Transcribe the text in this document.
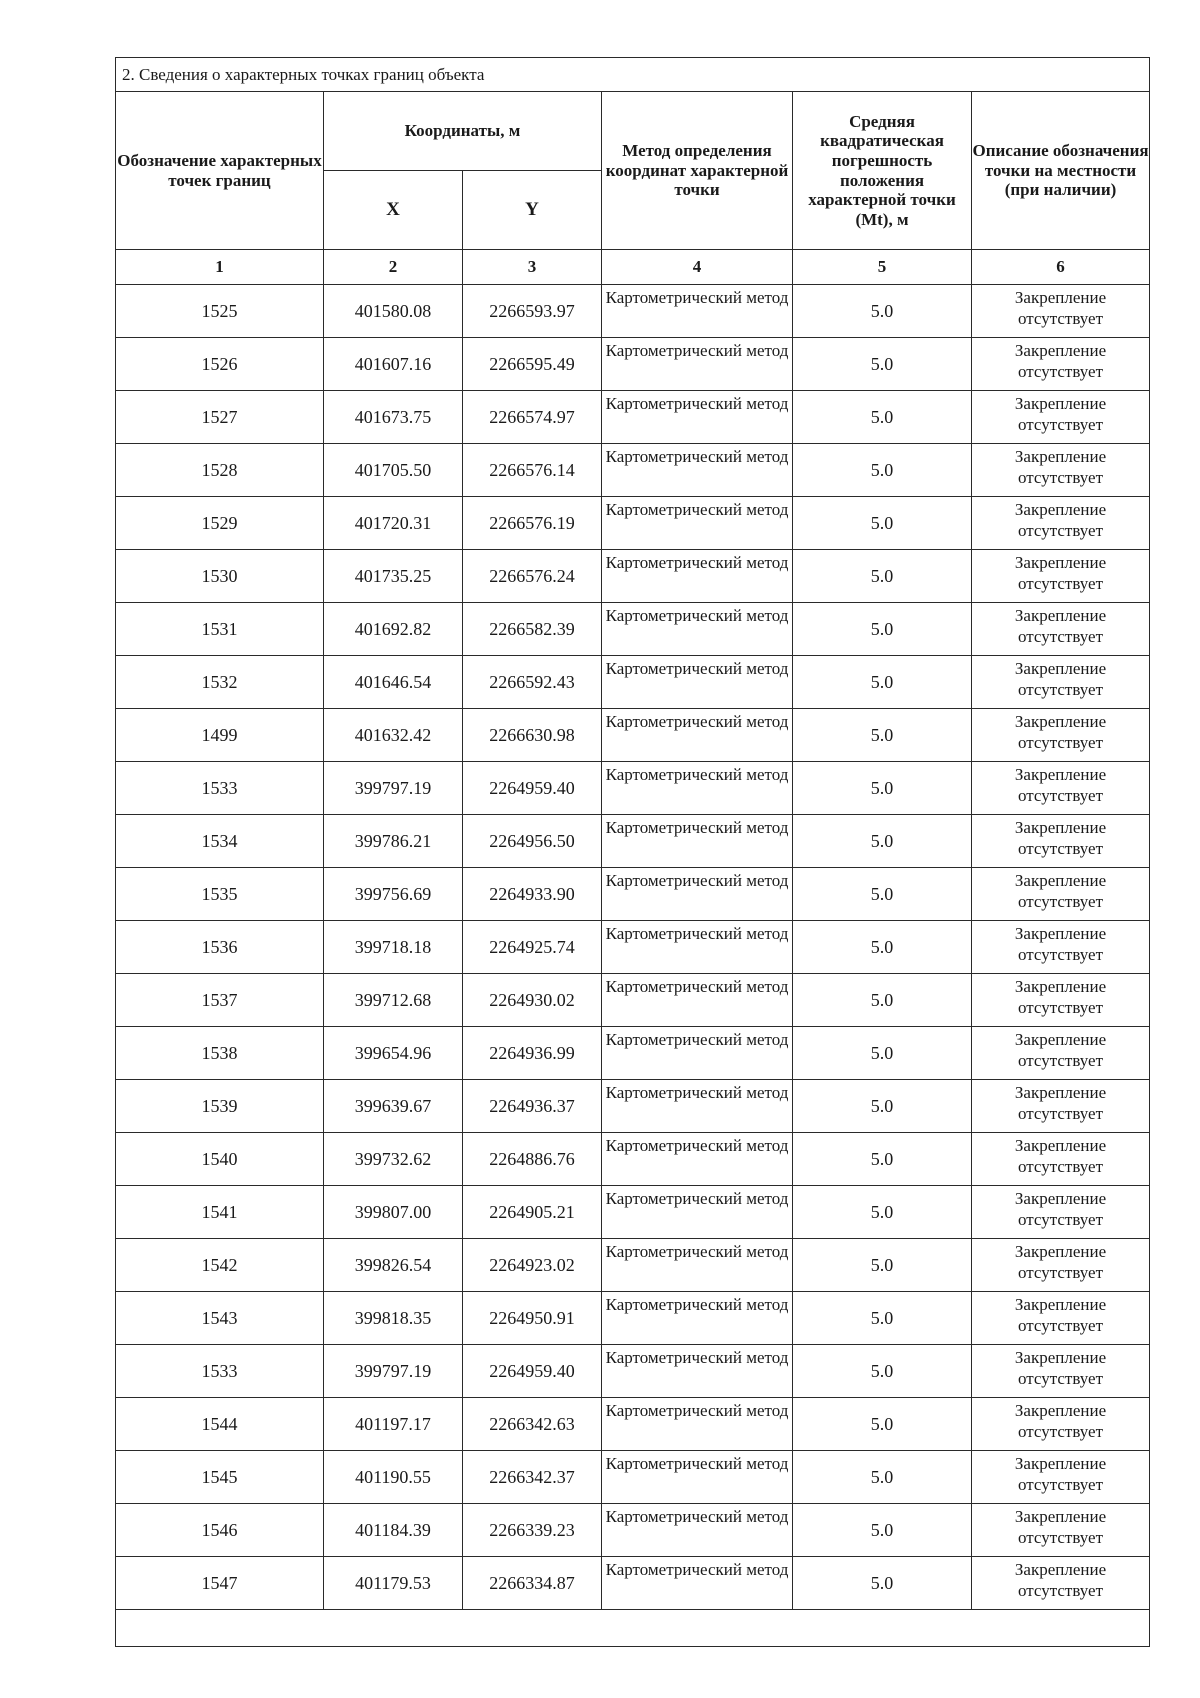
2. Сведения о характерных точках границ объекта					
Обозначение характерных точек границ	Координаты, м		Метод определения координат характерной точки	Средняя квадратическая погрешность положения характерной точки (Mt), м	Описание обозначения точки на местности (при наличии)
	X	Y			
1	2	3	4	5	6
1525	401580.08	2266593.97	Картометрический метод	5.0	Закрепление отсутствует
1526	401607.16	2266595.49	Картометрический метод	5.0	Закрепление отсутствует
1527	401673.75	2266574.97	Картометрический метод	5.0	Закрепление отсутствует
1528	401705.50	2266576.14	Картометрический метод	5.0	Закрепление отсутствует
1529	401720.31	2266576.19	Картометрический метод	5.0	Закрепление отсутствует
1530	401735.25	2266576.24	Картометрический метод	5.0	Закрепление отсутствует
1531	401692.82	2266582.39	Картометрический метод	5.0	Закрепление отсутствует
1532	401646.54	2266592.43	Картометрический метод	5.0	Закрепление отсутствует
1499	401632.42	2266630.98	Картометрический метод	5.0	Закрепление отсутствует
1533	399797.19	2264959.40	Картометрический метод	5.0	Закрепление отсутствует
1534	399786.21	2264956.50	Картометрический метод	5.0	Закрепление отсутствует
1535	399756.69	2264933.90	Картометрический метод	5.0	Закрепление отсутствует
1536	399718.18	2264925.74	Картометрический метод	5.0	Закрепление отсутствует
1537	399712.68	2264930.02	Картометрический метод	5.0	Закрепление отсутствует
1538	399654.96	2264936.99	Картометрический метод	5.0	Закрепление отсутствует
1539	399639.67	2264936.37	Картометрический метод	5.0	Закрепление отсутствует
1540	399732.62	2264886.76	Картометрический метод	5.0	Закрепление отсутствует
1541	399807.00	2264905.21	Картометрический метод	5.0	Закрепление отсутствует
1542	399826.54	2264923.02	Картометрический метод	5.0	Закрепление отсутствует
1543	399818.35	2264950.91	Картометрический метод	5.0	Закрепление отсутствует
1533	399797.19	2264959.40	Картометрический метод	5.0	Закрепление отсутствует
1544	401197.17	2266342.63	Картометрический метод	5.0	Закрепление отсутствует
1545	401190.55	2266342.37	Картометрический метод	5.0	Закрепление отсутствует
1546	401184.39	2266339.23	Картометрический метод	5.0	Закрепление отсутствует
1547	401179.53	2266334.87	Картометрический метод	5.0	Закрепление отсутствует
